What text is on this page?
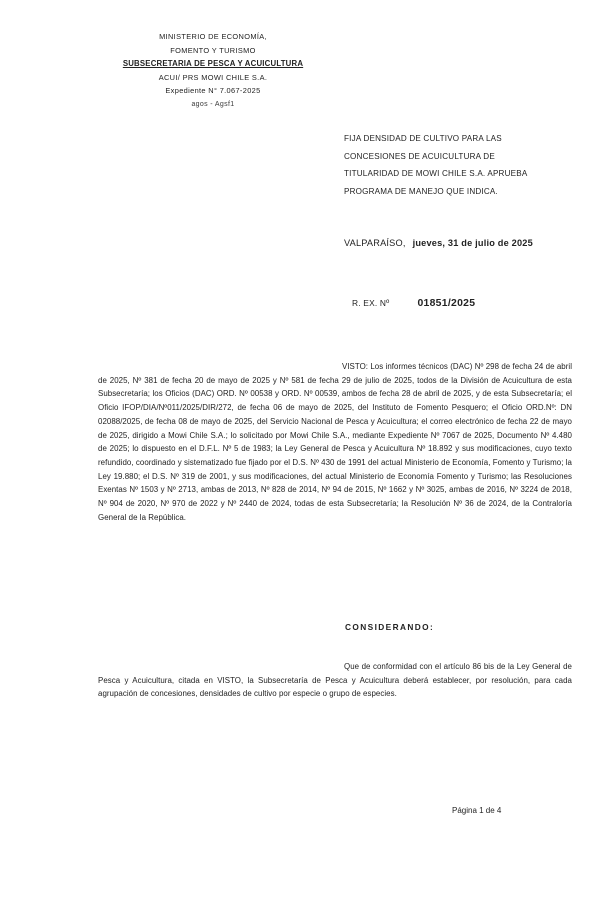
MINISTERIO DE ECONOMÍA,
FOMENTO Y TURISMO
SUBSECRETARIA DE PESCA Y ACUICULTURA
ACUI/ PRS MOWI CHILE S.A.
Expediente N° 7.067-2025
agos - Agsf1
FIJA DENSIDAD DE CULTIVO PARA LAS
CONCESIONES DE ACUICULTURA DE
TITULARIDAD DE MOWI CHILE S.A. APRUEBA
PROGRAMA DE MANEJO QUE INDICA.
VALPARAÍSO, jueves, 31 de julio de 2025
R. EX. Nº	01851/2025
VISTO: Los informes técnicos (DAC) Nº 298 de fecha 24 de abril de 2025, Nº 381 de fecha 20 de mayo de 2025 y Nº 581 de fecha 29 de julio de 2025, todos de la División de Acuicultura de esta Subsecretaría; los Oficios (DAC) ORD. Nº 00538 y ORD. Nº 00539, ambos de fecha 28 de abril de 2025, y de esta Subsecretaría; el Oficio IFOP/DIA/Nº011/2025/DIR/272, de fecha 06 de mayo de 2025, del Instituto de Fomento Pesquero; el Oficio ORD.Nº: DN 02088/2025, de fecha 08 de mayo de 2025, del Servicio Nacional de Pesca y Acuicultura; el correo electrónico de fecha 22 de mayo de 2025, dirigido a Mowi Chile S.A.; lo solicitado por Mowi Chile S.A., mediante Expediente Nº 7067 de 2025, Documento Nº 4.480 de 2025; lo dispuesto en el D.F.L. Nº 5 de 1983; la Ley General de Pesca y Acuicultura Nº 18.892 y sus modificaciones, cuyo texto refundido, coordinado y sistematizado fue fijado por el D.S. Nº 430 de 1991 del actual Ministerio de Economía, Fomento y Turismo; la Ley 19.880; el D.S. Nº 319 de 2001, y sus modificaciones, del actual Ministerio de Economía Fomento y Turismo; las Resoluciones Exentas Nº 1503 y Nº 2713, ambas de 2013, Nº 828 de 2014, Nº 94 de 2015, Nº 1662 y Nº 3025, ambas de 2016, Nº 3224 de 2018, Nº 904 de 2020, Nº 970 de 2022 y Nº 2440 de 2024, todas de esta Subsecretaría; la Resolución Nº 36 de 2024, de la Contraloría General de la República.
CONSIDERANDO:
Que de conformidad con el artículo 86 bis de la Ley General de Pesca y Acuicultura, citada en VISTO, la Subsecretaría de Pesca y Acuicultura deberá establecer, por resolución, para cada agrupación de concesiones, densidades de cultivo por especie o grupo de especies.
Página 1 de 4
